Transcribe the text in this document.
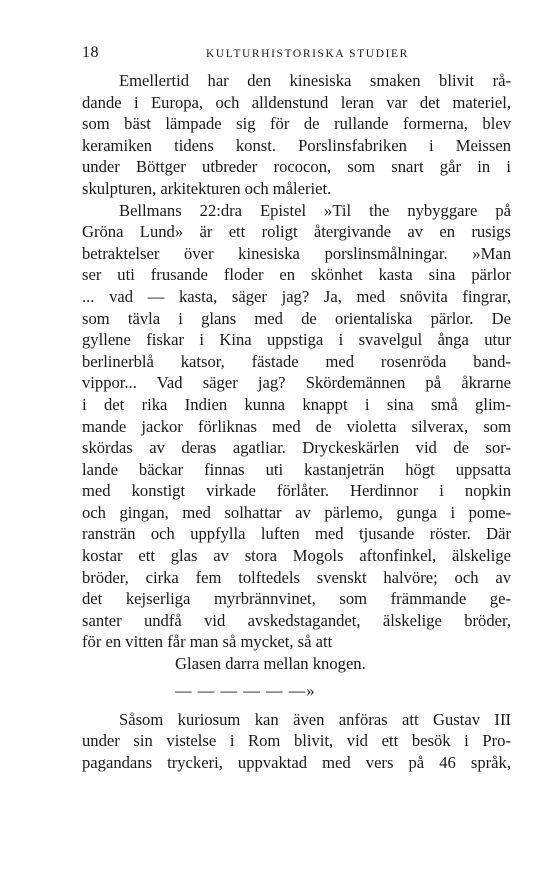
18	KULTURHISTORISKA STUDIER

Emellertid har den kinesiska smaken blivit rå-
dande i Europa, och alldenstund leran var det materiel,
som bäst lämpade sig för de rullande formerna, blev
keramiken tidens konst. Porslinsfabriken i Meissen
under Böttger utbreder rococon, som snart går in i
skulpturen, arkitekturen och måleriet.

Bellmans 22:dra Epistel »Til the nybyggare på
Gröna Lund» är ett roligt återgivande av en rusigs
betraktelser över kinesiska porslinsmålningar. »Man
ser uti frusande floder en skönhet kasta sina pärlor
... vad — kasta, säger jag? Ja, med snövita fingrar,
som tävla i glans med de orientaliska pärlor. De
gyllene fiskar i Kina uppstiga i svavelgul ånga utur
berlinerblå katsor, fästade med rosenröda band-
vippor... Vad säger jag? Skördemännen på åkrarne
i det rika Indien kunna knappt i sina små glim-
mande jackor förliknas med de violetta silverax, som
skördas av deras agatliar. Dryckeskärlen vid de sor-
lande bäckar finnas uti kastanjeträn högt uppsatta
med konstigt virkade förlåter. Herdinnor i nopkin
och gingan, med solhattar av pärlemo, gunga i pome-
ransträn och uppfylla luften med tjusande röster. Där
kostar ett glas av stora Mogols aftonfinkel, älskelige
bröder, cirka fem tolftedels svenskt halvöre; och av
det kejserliga myrbrännvinet, som främmande ge-
santer undfå vid avskedstagandet, älskelige bröder,
för en vitten får man så mycket, så att

Glasen darra mellan knogen.
— — — — — —»

Såsom kuriosum kan även anföras att Gustav III
under sin vistelse i Rom blivit, vid ett besök i Pro-
pagandans tryckeri, uppvaktad med vers på 46 språk,
